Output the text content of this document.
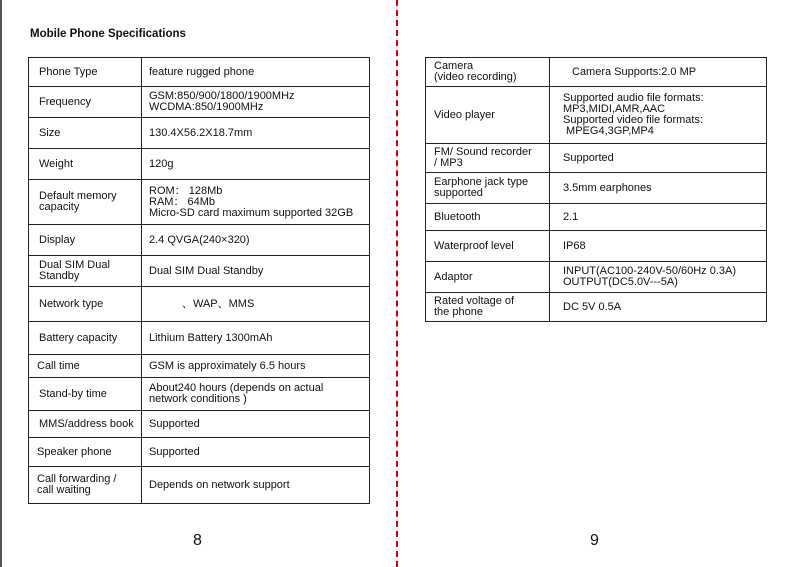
Mobile Phone Specifications
Phone Type	feature rugged phone

Frequency	GSM:850/900/1800/1900MHz
WCDMA:850/1900MHz

Size	130.4X56.2X18.7mm

Weight	120g

Default memory
capacity	ROM： 128Mb
RAM： 64Mb
Micro-SD card maximum supported 32GB

Display	2.4 QVGA(240×320)

Dual SIM Dual
Standby	Dual SIM Dual Standby

Network type	、WAP、MMS

Battery capacity	Lithium Battery 1300mAh

Call time	GSM is approximately 6.5 hours

Stand-by time	About240 hours (depends on actual
network conditions )

MMS/address book	Supported

Speaker phone	Supported

Call forwarding /
call waiting	Depends on network support
Camera
(video recording)	Camera Supports:2.0 MP

Video player	Supported audio file formats:
MP3,MIDI,AMR,AAC
Supported video file formats:
MPEG4,3GP,MP4

FM/ Sound recorder
/ MP3	Supported

Earphone jack type
supported	3.5mm earphones

Bluetooth	2.1

Waterproof level	IP68

Adaptor	INPUT(AC100-240V-50/60Hz 0.3A)
OUTPUT(DC5.0V---5A)

Rated voltage of
the phone	DC 5V 0.5A
8	9
